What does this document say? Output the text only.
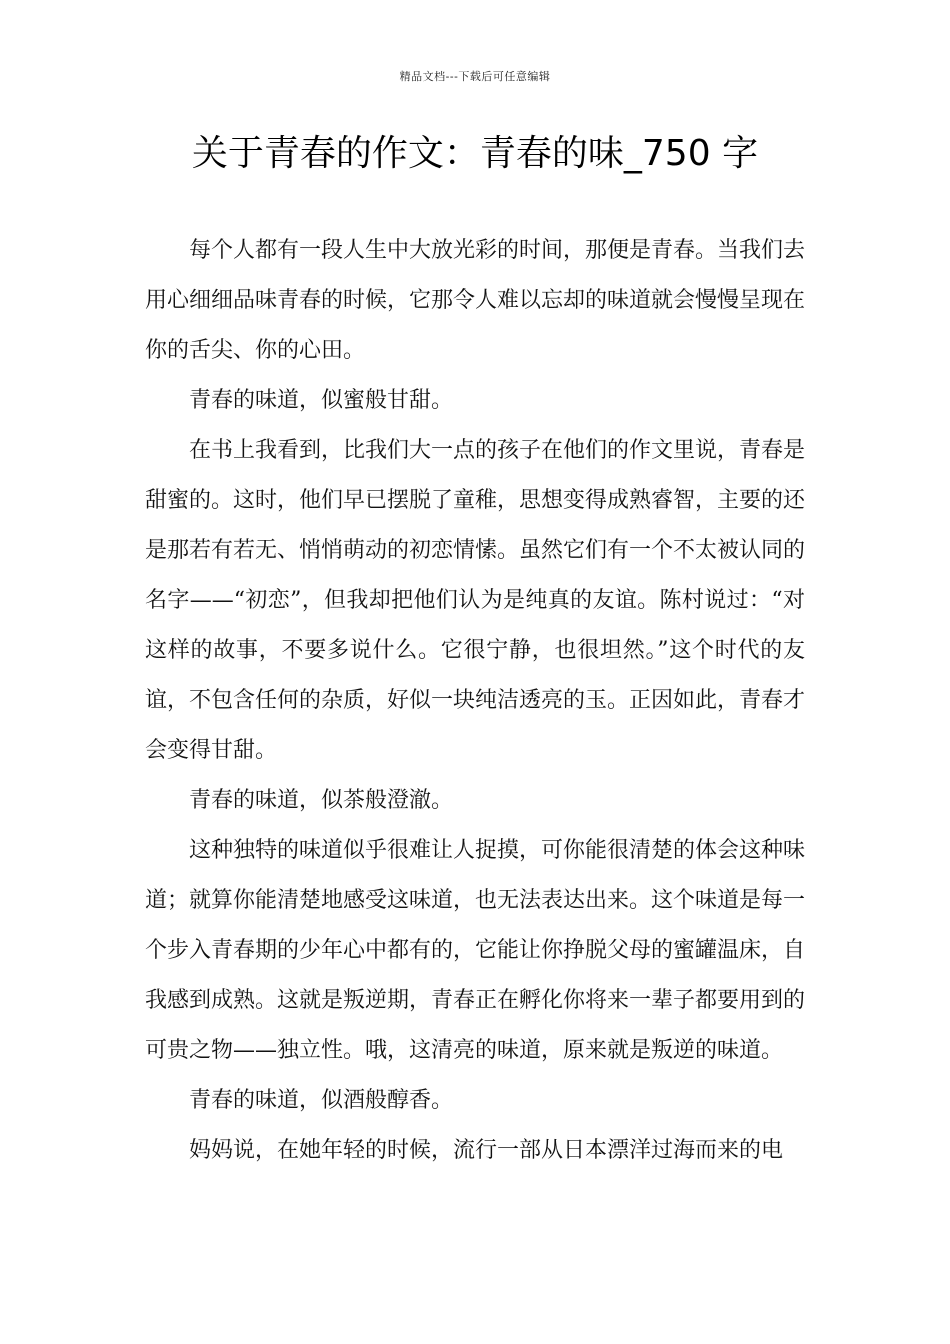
精品文档---下载后可任意编辑
关于青春的作文：青春的味_750 字

每个人都有一段人生中大放光彩的时间，那便是青春。当我们去用心细细品味青春的时候，它那令人难以忘却的味道就会慢慢呈现在你的舌尖、你的心田。

青春的味道，似蜜般甘甜。

在书上我看到，比我们大一点的孩子在他们的作文里说，青春是甜蜜的。这时，他们早已摆脱了童稚，思想变得成熟睿智，主要的还是那若有若无、悄悄萌动的初恋情愫。虽然它们有一个不太被认同的名字——“初恋”，但我却把他们认为是纯真的友谊。陈村说过：“对这样的故事，不要多说什么。它很宁静，也很坦然。”这个时代的友谊，不包含任何的杂质，好似一块纯洁透亮的玉。正因如此，青春才会变得甘甜。

青春的味道，似茶般澄澈。

这种独特的味道似乎很难让人捉摸，可你能很清楚的体会这种味道；就算你能清楚地感受这味道，也无法表达出来。这个味道是每一个步入青春期的少年心中都有的，它能让你挣脱父母的蜜罐温床，自我感到成熟。这就是叛逆期，青春正在孵化你将来一辈子都要用到的可贵之物——独立性。哦，这清亮的味道，原来就是叛逆的味道。

青春的味道，似酒般醇香。

妈妈说，在她年轻的时候，流行一部从日本漂洋过海而来的电
